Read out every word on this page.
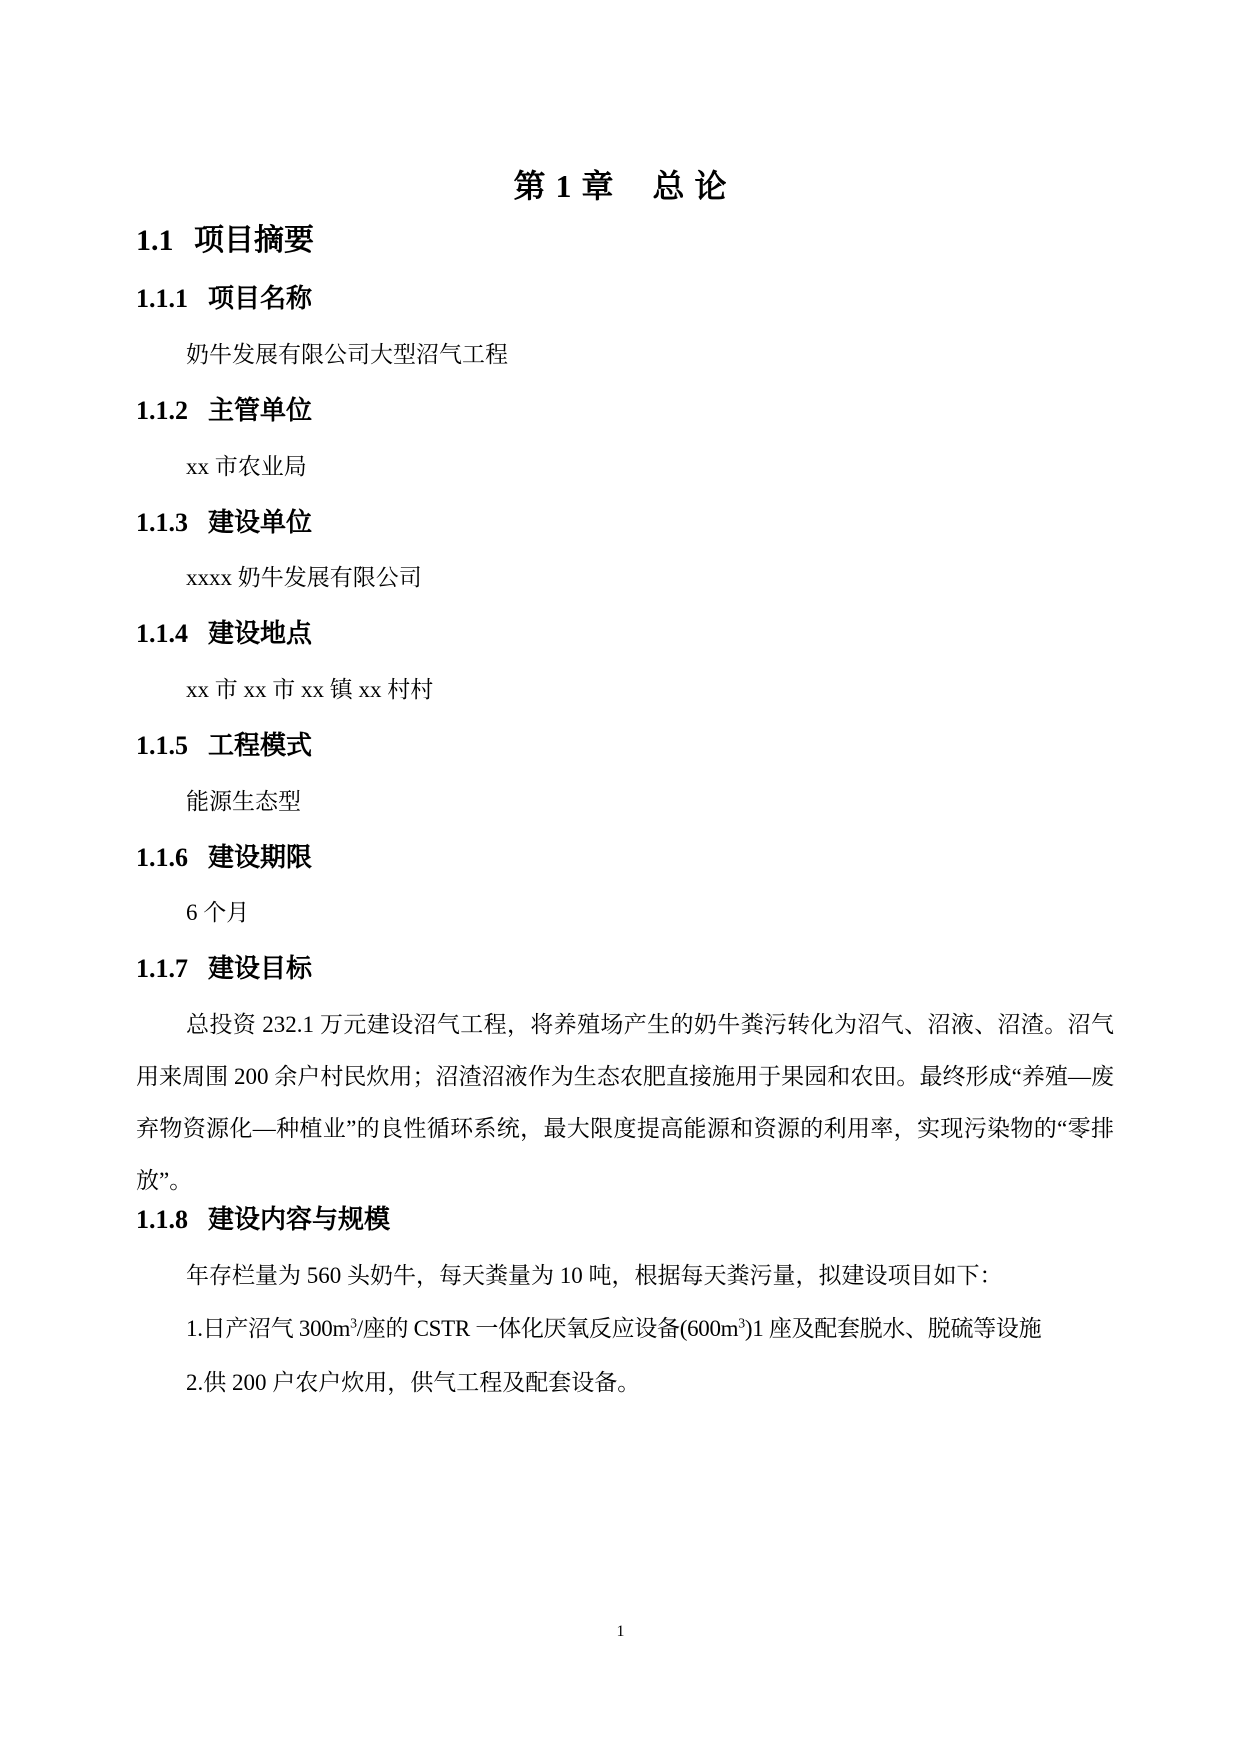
第 1 章 总 论
1.1 项目摘要
1.1.1 项目名称
奶牛发展有限公司大型沼气工程
1.1.2 主管单位
xx 市农业局
1.1.3 建设单位
xxxx 奶牛发展有限公司
1.1.4 建设地点
xx 市 xx 市 xx 镇 xx 村村
1.1.5 工程模式
能源生态型
1.1.6 建设期限
6 个月
1.1.7 建设目标
总投资 232.1 万元建设沼气工程，将养殖场产生的奶牛粪污转化为沼气、沼液、沼渣。沼气用来周围 200 余户村民炊用；沼渣沼液作为生态农肥直接施用于果园和农田。最终形成“养殖—废弃物资源化—种植业”的良性循环系统，最大限度提高能源和资源的利用率，实现污染物的“零排放”。
1.1.8 建设内容与规模
年存栏量为 560 头奶牛，每天粪量为 10 吨，根据每天粪污量，拟建设项目如下：
1.日产沼气 $300m^3/$座的 CSTR 一体化厌氧反应设备$(600m^3)1$ 座及配套脱水、脱硫等设施
2.供 200 户农户炊用，供气工程及配套设备。
1
